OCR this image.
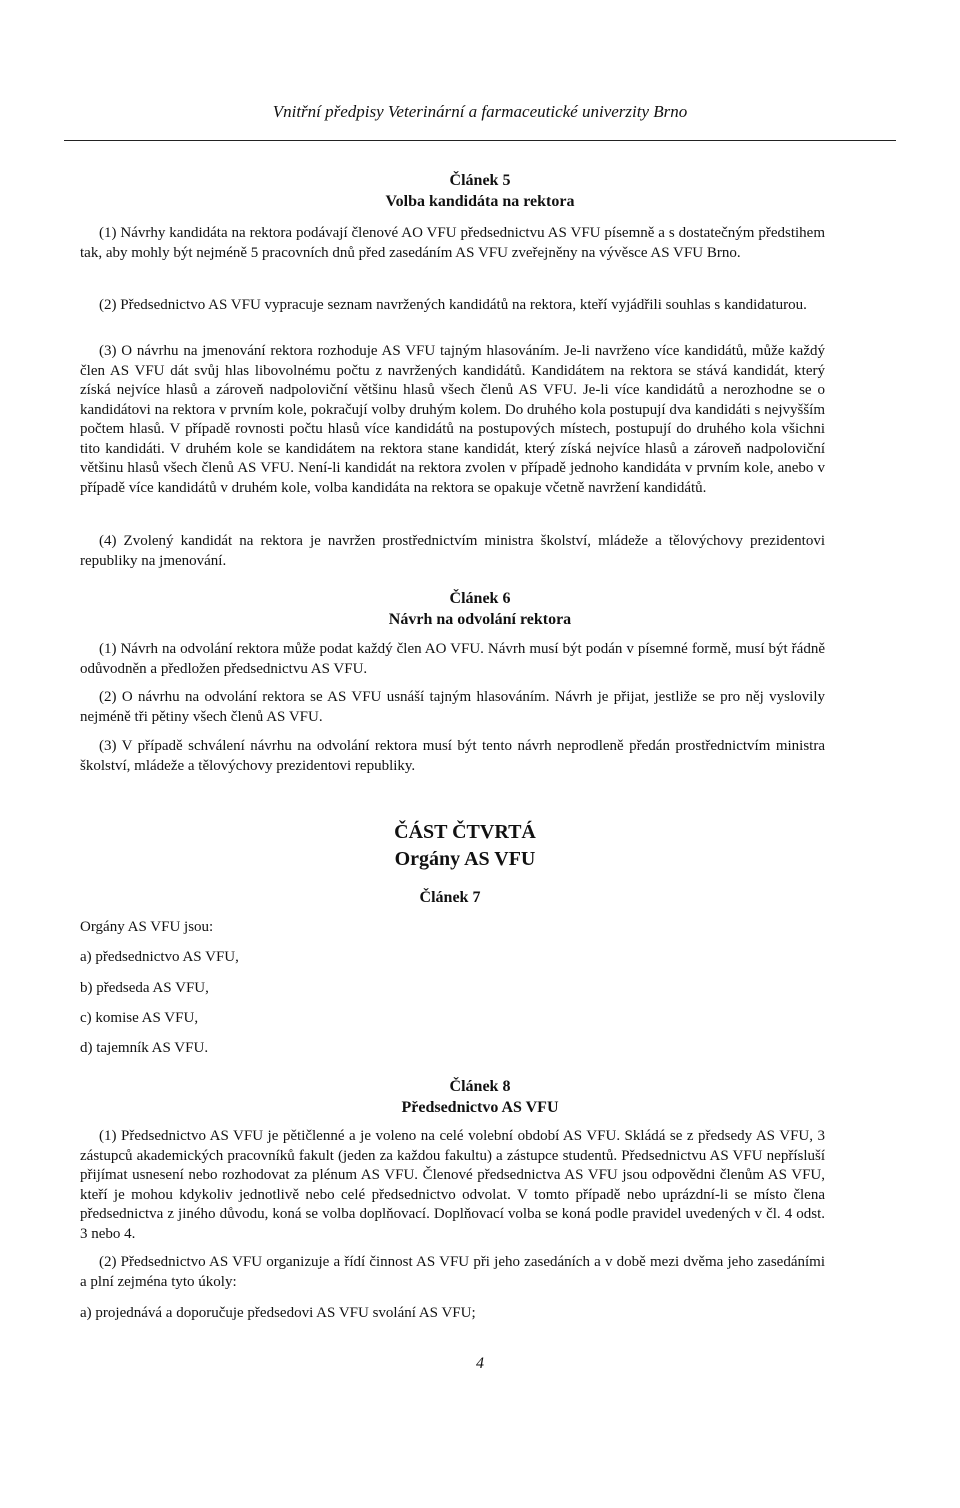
Vnitřní předpisy Veterinární a farmaceutické univerzity Brno
Článek 5
Volba kandidáta na rektora

(1) Návrhy kandidáta na rektora podávají členové AO VFU předsednictvu AS VFU písemně a s dostatečným předstihem tak, aby mohly být nejméně 5 pracovních dnů před zasedáním AS VFU zveřejněny na vývěsce AS VFU Brno.

(2) Předsednictvo AS VFU vypracuje seznam navržených kandidátů na rektora, kteří vyjádřili souhlas s kandidaturou.

(3) O návrhu na jmenování rektora rozhoduje AS VFU tajným hlasováním. Je-li navrženo více kandidátů, může každý člen AS VFU dát svůj hlas libovolnému počtu z navržených kandidátů. Kandidátem na rektora se stává kandidát, který získá nejvíce hlasů a zároveň nadpoloviční většinu hlasů všech členů AS VFU. Je-li více kandidátů a nerozhodne se o kandidátovi na rektora v prvním kole, pokračují volby druhým kolem. Do druhého kola postupují dva kandidáti s nejvyšším počtem hlasů. V případě rovnosti počtu hlasů více kandidátů na postupových místech, postupují do druhého kola všichni tito kandidáti. V druhém kole se kandidátem na rektora stane kandidát, který získá nejvíce hlasů a zároveň nadpoloviční většinu hlasů všech členů AS VFU. Není-li kandidát na rektora zvolen v případě jednoho kandidáta v prvním kole, anebo v případě více kandidátů v druhém kole, volba kandidáta na rektora se opakuje včetně navržení kandidátů.

(4) Zvolený kandidát na rektora je navržen prostřednictvím ministra školství, mládeže a tělovýchovy prezidentovi republiky na jmenování.

Článek 6
Návrh na odvolání rektora

(1) Návrh na odvolání rektora může podat každý člen AO VFU. Návrh musí být podán v písemné formě, musí být řádně odůvodněn a předložen předsednictvu AS VFU.

(2) O návrhu na odvolání rektora se AS VFU usnáší tajným hlasováním. Návrh je přijat, jestliže se pro něj vyslovily nejméně tři pětiny všech členů AS VFU.

(3) V případě schválení návrhu na odvolání rektora musí být tento návrh neprodleně předán prostřednictvím ministra školství, mládeže a tělovýchovy prezidentovi republiky.

ČÁST ČTVRTÁ
Orgány AS VFU
Článek 7
Orgány AS VFU jsou:
a) předsednictvo AS VFU,
b) předseda AS VFU,
c) komise AS VFU,
d) tajemník AS VFU.
Článek 8
Předsednictvo AS VFU

(1) Předsednictvo AS VFU je pětičlenné a je voleno na celé volební období AS VFU. Skládá se z předsedy AS VFU, 3 zástupců akademických pracovníků fakult (jeden za každou fakultu) a zástupce studentů. Předsednictvu AS VFU nepřísluší přijímat usnesení nebo rozhodovat za plénum AS VFU. Členové předsednictva AS VFU jsou odpovědni členům AS VFU, kteří je mohou kdykoliv jednotlivě nebo celé předsednictvo odvolat. V tomto případě nebo uprázdní-li se místo člena předsednictva z jiného důvodu, koná se volba doplňovací. Doplňovací volba se koná podle pravidel uvedených v čl. 4 odst. 3 nebo 4.

(2) Předsednictvo AS VFU organizuje a řídí činnost AS VFU při jeho zasedáních a v době mezi dvěma jeho zasedáními a plní zejména tyto úkoly:

a) projednává a doporučuje předsedovi AS VFU svolání AS VFU;
4
